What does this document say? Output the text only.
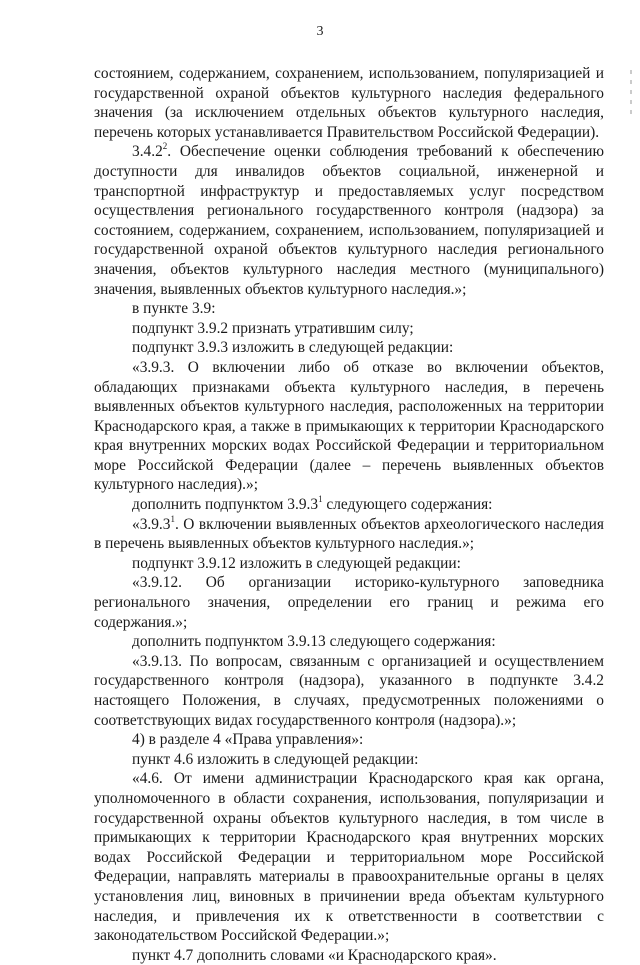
3

состоянием, содержанием, сохранением, использованием, популяризацией и государственной охраной объектов культурного наследия федерального значения (за исключением отдельных объектов культурного наследия, перечень которых устанавливается Правительством Российской Федерации).

3.4.2$^2$. Обеспечение оценки соблюдения требований к обеспечению доступности для инвалидов объектов социальной, инженерной и транспортной инфраструктур и предоставляемых услуг посредством осуществления регионального государственного контроля (надзора) за состоянием, содержанием, сохранением, использованием, популяризацией и государственной охраной объектов культурного наследия регионального значения, объектов культурного наследия местного (муниципального) значения, выявленных объектов культурного наследия.»;

в пункте 3.9:

подпункт 3.9.2 признать утратившим силу;

подпункт 3.9.3 изложить в следующей редакции:

«3.9.3. О включении либо об отказе во включении объектов, обладающих признаками объекта культурного наследия, в перечень выявленных объектов культурного наследия, расположенных на территории Краснодарского края, а также в примыкающих к территории Краснодарского края внутренних морских водах Российской Федерации и территориальном море Российской Федерации (далее – перечень выявленных объектов культурного наследия).»;

дополнить подпунктом 3.9.3$^1$ следующего содержания:

«3.9.3$^1$. О включении выявленных объектов археологического наследия в перечень выявленных объектов культурного наследия.»;

подпункт 3.9.12 изложить в следующей редакции:

«3.9.12. Об организации историко-культурного заповедника регионального значения, определении его границ и режима его содержания.»;

дополнить подпунктом 3.9.13 следующего содержания:

«3.9.13. По вопросам, связанным с организацией и осуществлением государственного контроля (надзора), указанного в подпункте 3.4.2 настоящего Положения, в случаях, предусмотренных положениями о соответствующих видах государственного контроля (надзора).»;

4) в разделе 4 «Права управления»:

пункт 4.6 изложить в следующей редакции:

«4.6. От имени администрации Краснодарского края как органа, уполномоченного в области сохранения, использования, популяризации и государственной охраны объектов культурного наследия, в том числе в примыкающих к территории Краснодарского края внутренних морских водах Российской Федерации и территориальном море Российской Федерации, направлять материалы в правоохранительные органы в целях установления лиц, виновных в причинении вреда объектам культурного наследия, и привлечения их к ответственности в соответствии с законодательством Российской Федерации.»;

пункт 4.7 дополнить словами «и Краснодарского края».
